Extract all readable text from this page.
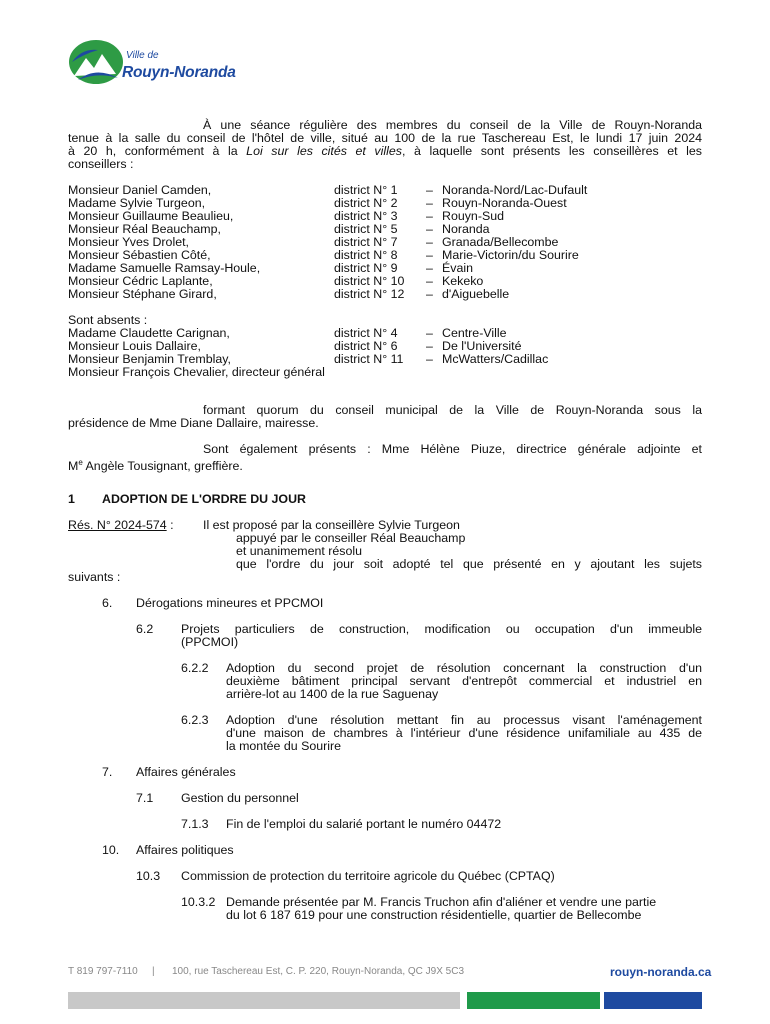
Ville de
Rouyn-Noranda
À une séance régulière des membres du conseil de la Ville de Rouyn-Noranda
tenue à la salle du conseil de l'hôtel de ville, situé au 100 de la rue Taschereau Est, le lundi 17 juin 2024
à 20 h, conformément à la Loi sur les cités et villes, à laquelle sont présents les conseillères et les
conseillers :
Monsieur Daniel Camden,	district N° 1 – Noranda-Nord/Lac-Dufault
Madame Sylvie Turgeon,	district N° 2 – Rouyn-Noranda-Ouest
Monsieur Guillaume Beaulieu,	district N° 3 – Rouyn-Sud
Monsieur Réal Beauchamp,	district N° 5 – Noranda
Monsieur Yves Drolet,	district N° 7 – Granada/Bellecombe
Monsieur Sébastien Côté,	district N° 8 – Marie-Victorin/du Sourire
Madame Samuelle Ramsay-Houle,	district N° 9 – Évain
Monsieur Cédric Laplante,	district N° 10 – Kekeko
Monsieur Stéphane Girard,	district N° 12 – d'Aiguebelle
Sont absents :
Madame Claudette Carignan,	district N° 4 – Centre-Ville
Monsieur Louis Dallaire,	district N° 6 – De l'Université
Monsieur Benjamin Tremblay,	district N° 11 – McWatters/Cadillac
Monsieur François Chevalier, directeur général
formant quorum du conseil municipal de la Ville de Rouyn-Noranda sous la
présidence de Mme Diane Dallaire, mairesse.
Sont également présents : Mme Hélène Piuze, directrice générale adjointe et
Me Angèle Tousignant, greffière.
1 ADOPTION DE L'ORDRE DU JOUR
Rés. N° 2024-574 : Il est proposé par la conseillère Sylvie Turgeon
appuyé par le conseiller Réal Beauchamp
et unanimement résolu
que l'ordre du jour soit adopté tel que présenté en y ajoutant les sujets
suivants :
6. Dérogations mineures et PPCMOI
6.2 Projets particuliers de construction, modification ou occupation d'un immeuble
(PPCMOI)
6.2.2 Adoption du second projet de résolution concernant la construction d'un
deuxième bâtiment principal servant d'entrepôt commercial et industriel en
arrière-lot au 1400 de la rue Saguenay
6.2.3 Adoption d'une résolution mettant fin au processus visant l'aménagement
d'une maison de chambres à l'intérieur d'une résidence unifamiliale au 435 de
la montée du Sourire
7. Affaires générales
7.1 Gestion du personnel
7.1.3 Fin de l'emploi du salarié portant le numéro 04472
10. Affaires politiques
10.3 Commission de protection du territoire agricole du Québec (CPTAQ)
10.3.2 Demande présentée par M. Francis Truchon afin d'aliéner et vendre une partie
du lot 6 187 619 pour une construction résidentielle, quartier de Bellecombe
T 819 797-7110 | 100, rue Taschereau Est, C. P. 220, Rouyn-Noranda, QC J9X 5C3	rouyn-noranda.ca
